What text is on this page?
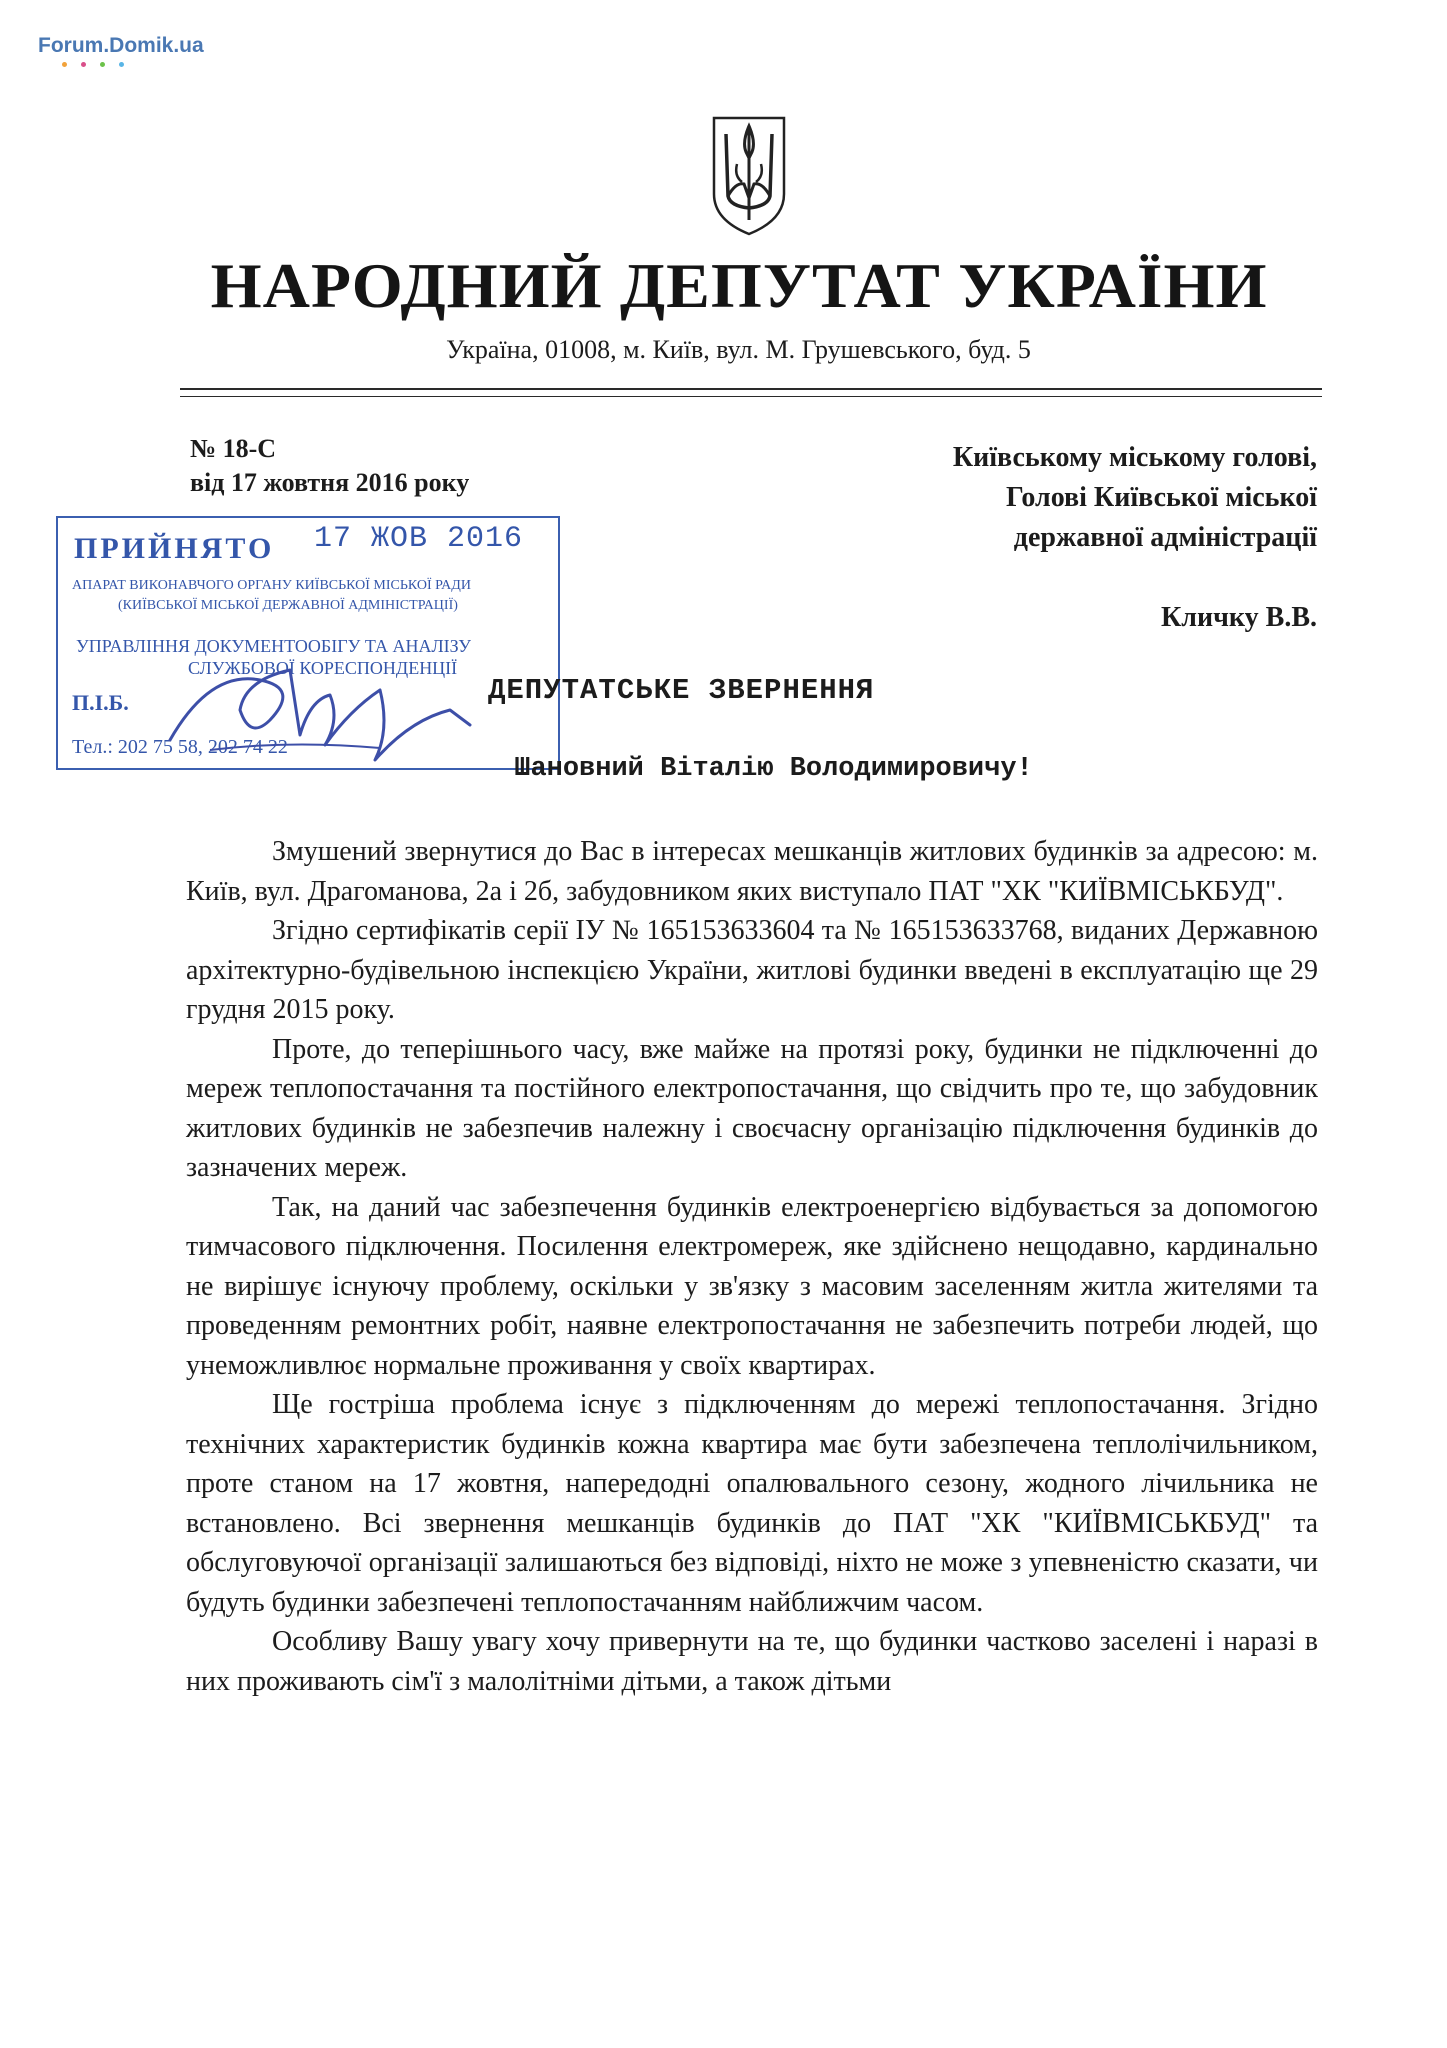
Forum.Domik.ua
НАРОДНИЙ ДЕПУТАТ УКРАЇНИ
Україна, 01008, м. Київ, вул. М. Грушевського, буд. 5
№ 18-С
від 17 жовтня 2016 року
Київському міському голові,
Голові Київської міської
державної адміністрації
Кличку В.В.
ПРИЙНЯТО 17 ЖОВ 2016
АПАРАТ ВИКОНАВЧОГО ОРГАНУ КИЇВСЬКОЇ МІСЬКОЇ РАДИ
(КИЇВСЬКОЇ МІСЬКОЇ ДЕРЖАВНОЇ АДМІНІСТРАЦІЇ)
УПРАВЛІННЯ ДОКУМЕНТООБІГУ ТА АНАЛІЗУ
СЛУЖБОВОЇ КОРЕСПОНДЕНЦІЇ
П.І.Б.
Тел.: 202 75 58, 202 74 22
ДЕПУТАТСЬКЕ ЗВЕРНЕННЯ
Шановний Віталію Володимировичу!

Змушений звернутися до Вас в інтересах мешканців житлових будинків за адресою: м. Київ, вул. Драгоманова, 2а і 2б, забудовником яких виступало ПАТ "ХК "КИЇВМІСЬКБУД".

Згідно сертифікатів серії ІУ № 165153633604 та № 165153633768, виданих Державною архітектурно-будівельною інспекцією України, житлові будинки введені в експлуатацію ще 29 грудня 2015 року.

Проте, до теперішнього часу, вже майже на протязі року, будинки не підключенні до мереж теплопостачання та постійного електропостачання, що свідчить про те, що забудовник житлових будинків не забезпечив належну і своєчасну організацію підключення будинків до зазначених мереж.

Так, на даний час забезпечення будинків електроенергією відбувається за допомогою тимчасового підключення. Посилення електромереж, яке здійснено нещодавно, кардинально не вирішує існуючу проблему, оскільки у зв'язку з масовим заселенням житла жителями та проведенням ремонтних робіт, наявне електропостачання не забезпечить потреби людей, що унеможливлює нормальне проживання у своїх квартирах.

Ще гостріша проблема існує з підключенням до мережі теплопостачання. Згідно технічних характеристик будинків кожна квартира має бути забезпечена теплолічильником, проте станом на 17 жовтня, напередодні опалювального сезону, жодного лічильника не встановлено. Всі звернення мешканців будинків до ПАТ "ХК "КИЇВМІСЬКБУД" та обслуговуючої організації залишаються без відповіді, ніхто не може з упевненістю сказати, чи будуть будинки забезпечені теплопостачанням найближчим часом.

Особливу Вашу увагу хочу привернути на те, що будинки частково заселені і наразі в них проживають сім'ї з малолітніми дітьми, а також дітьми
